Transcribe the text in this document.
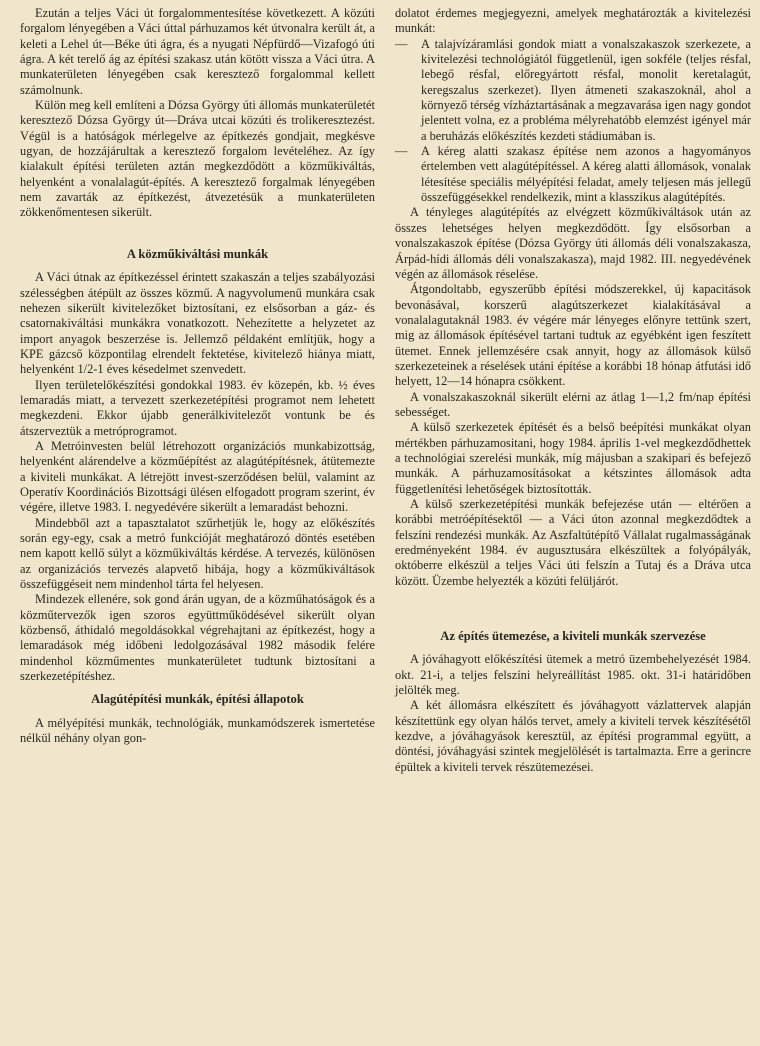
Ezután a teljes Váci út forgalommentesítése következett. A közúti forgalom lényegében a Váci úttal párhuzamos két útvonalra került át, a keleti a Lehel út—Béke úti ágra, és a nyugati Népfürdő—Vizafogó úti ágra. A két terelő ág az építési szakasz után kötött vissza a Váci útra. A munkaterületen lényegében csak keresztező forgalommal kellett számolnunk.

Külön meg kell említeni a Dózsa György úti állomás munkaterületét keresztező Dózsa György út—Dráva utcai közúti és trolikeresztezést. Végül is a hatóságok mérlegelve az építkezés gondjait, megkésve ugyan, de hozzájárultak a keresztező forgalom levételéhez. Az így kialakult építési területen aztán megkezdődött a közműkiváltás, helyenként a vonalalagút-építés. A keresztező forgalmak lényegében nem zavarták az építkezést, átvezetésük a munkaterületen zökkenőmentesen sikerült.

A közműkiváltási munkák

A Váci útnak az építkezéssel érintett szakaszán a teljes szabályozási szélességben átépült az összes közmű. A nagyvolumenű munkára csak nehezen sikerült kivitelezőket biztosítani, ez elsősorban a gáz- és csatornakiváltási munkákra vonatkozott. Nehezítette a helyzetet az import anyagok beszerzése is. Jellemző példaként említjük, hogy a KPE gázcső központilag elrendelt fektetése, kivitelező hiánya miatt, helyenként 1/2-1 éves késedelmet szenvedett.

Ilyen területelőkészítési gondokkal 1983. év közepén, kb. ½ éves lemaradás miatt, a tervezett szerkezetépítési programot nem lehetett megkezdeni. Ekkor újabb generálkivitelezőt vontunk be és átszerveztük a metróprogramot.

A Metróinvesten belül létrehozott organizációs munkabizottság, helyenként alárendelve a közműépítést az alagútépítésnek, átütemezte a kiviteli munkákat. A létrejött invest-szerződésen belül, valamint az Operatív Koordinációs Bizottsági ülésen elfogadott program szerint, év végére, illetve 1983. I. negyedévére sikerült a lemaradást behozni.

Mindebből azt a tapasztalatot szűrhetjük le, hogy az előkészítés során egy-egy, csak a metró funkcióját meghatározó döntés esetében nem kapott kellő súlyt a közműkiváltás kérdése. A tervezés, különösen az organizációs tervezés alapvető hibája, hogy a közműkiváltások összefüggéseit nem mindenhol tárta fel helyesen.

Mindezek ellenére, sok gond árán ugyan, de a közműhatóságok és a közműtervezők igen szoros együttműködésével sikerült olyan közbenső, áthidaló megoldásokkal végrehajtani az építkezést, hogy a lemaradások még időbeni ledolgozásával 1982 második felére mindenhol közműmentes munkaterületet tudtunk biztosítani a szerkezetépítéshez.

Alagútépítési munkák, építési állapotok

A mélyépítési munkák, technológiák, munkamódszerek ismertetése nélkül néhány olyan gon-

dolatot érdemes megjegyezni, amelyek meghatározták a kivitelezési munkát:

—	A talajvízáramlási gondok miatt a vonalszakaszok szerkezete, a kivitelezési technológiától függetlenül, igen sokféle (teljes résfal, lebegő résfal, előregyártott résfal, monolit keretalagút, keregszalus szerkezet). Ilyen átmeneti szakaszoknál, ahol a környező térség vízháztartásának a megzavarása igen nagy gondot jelentett volna, ez a probléma mélyrehatóbb elemzést igényel már a beruházás előkészítés kezdeti stádiumában is.
—	A kéreg alatti szakasz építése nem azonos a hagyományos értelemben vett alagútépítéssel. A kéreg alatti állomások, vonalak létesítése speciális mélyépítési feladat, amely teljesen más jellegű összefüggésekkel rendelkezik, mint a klasszikus alagútépítés.

A tényleges alagútépítés az elvégzett közműkiváltások után az összes lehetséges helyen megkezdődött. Így elsősorban a vonalszakaszok építése (Dózsa György úti állomás déli vonalszakasza, Árpád-hídi állomás déli vonalszakasza), majd 1982. III. negyedévének végén az állomások réselése.

Átgondoltabb, egyszerűbb építési módszerekkel, új kapacitások bevonásával, korszerű alagútszerkezet kialakításával a vonalalagutaknál 1983. év végére már lényeges előnyre tettünk szert, mig az állomások építésével tartani tudtuk az egyébként igen feszített ütemet. Ennek jellemzésére csak annyit, hogy az állomások külső szerkezeteinek a réselések utáni építése a korábbi 18 hónap átfutási idő helyett, 12—14 hónapra csökkent.

A vonalszakaszoknál sikerült elérni az átlag 1—1,2 fm/nap építési sebességet.

A külső szerkezetek építését és a belső beépítési munkákat olyan mértékben párhuzamositani, hogy 1984. április 1-vel megkezdődhettek a technológiai szerelési munkák, míg májusban a szakipari és befejező munkák. A párhuzamosításokat a kétszintes állomások adta függetlenítési lehetőségek biztosították.

A külső szerkezetépítési munkák befejezése után — eltérően a korábbi metróépítésektől — a Váci úton azonnal megkezdődtek a felszíni rendezési munkák. Az Aszfaltútépítő Vállalat rugalmasságának eredményeként 1984. év augusztusára elkészültek a folyópályák, októberre elkészül a teljes Váci úti felszín a Tutaj és a Dráva utca között. Üzembe helyezték a közúti felüljárót.

Az építés ütemezése, a kiviteli munkák szervezése

A jóváhagyott előkészítési ütemek a metró üzembehelyezését 1984. okt. 21-i, a teljes felszíni helyreállítást 1985. okt. 31-i határidőben jelölték meg.

A két állomásra elkészített és jóváhagyott vázlattervek alapján készítettünk egy olyan hálós tervet, amely a kiviteli tervek készítésétől kezdve, a jóváhagyások keresztül, az építési programmal együtt, a döntési, jóváhagyási szintek megjelölését is tartalmazta. Erre a gerincre épültek a kiviteli tervek részütemezései.
